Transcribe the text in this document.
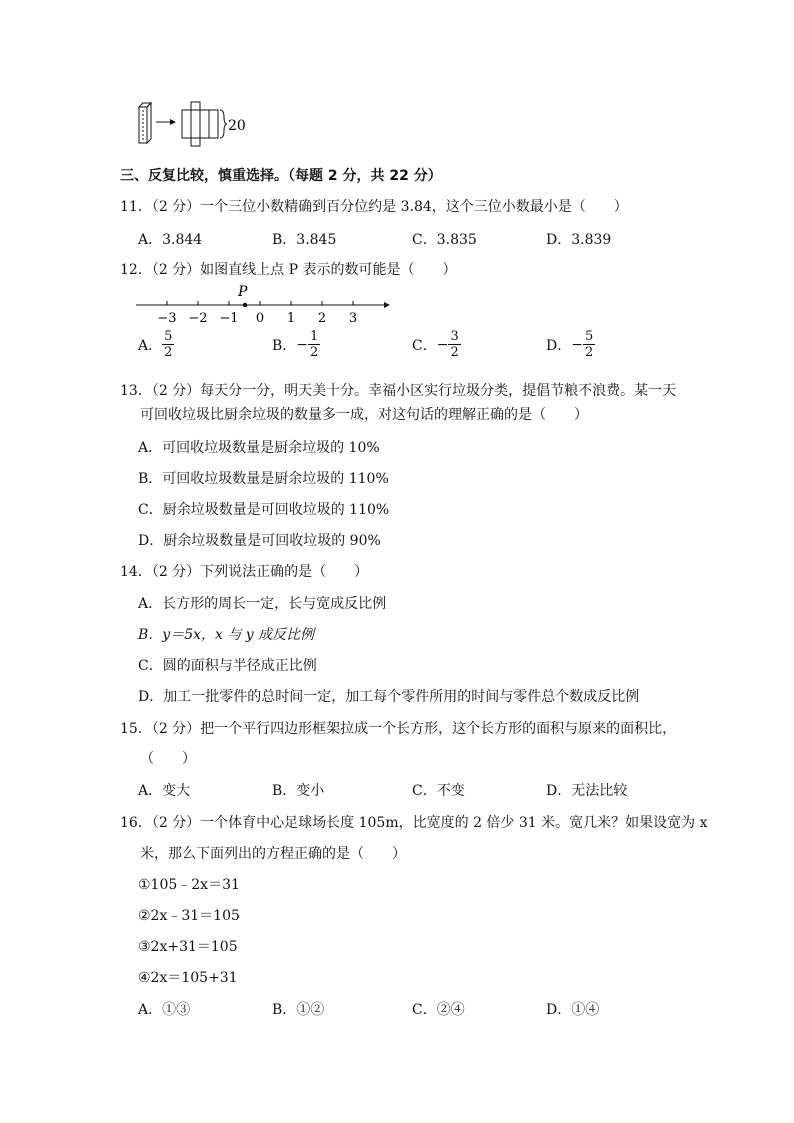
20
三、反复比较，慎重选择。（每题 2 分，共 22 分）
11．（2 分）一个三位小数精确到百分位约是 3.84，这个三位小数最小是（　　）
A．3.844	B．3.845	C．3.835	D．3.839
12．（2 分）如图直线上点 P 表示的数可能是（　　）
−3 −2 −1 0 1 2 3
P
A． $\frac{5}{2}$	B． − $\frac{1}{2}$	C． − $\frac{3}{2}$	D． − $\frac{5}{2}$
13．（2 分）每天分一分，明天美十分。幸福小区实行垃圾分类，提倡节粮不浪费。某一天
可回收垃圾比厨余垃圾的数量多一成，对这句话的理解正确的是（　　）
A．可回收垃圾数量是厨余垃圾的 10%
B．可回收垃圾数量是厨余垃圾的 110%
C．厨余垃圾数量是可回收垃圾的 110%
D．厨余垃圾数量是可回收垃圾的 90%
14．（2 分）下列说法正确的是（　　）
A．长方形的周长一定，长与宽成反比例
B．y＝5x，x 与 y 成反比例
C．圆的面积与半径成正比例
D．加工一批零件的总时间一定，加工每个零件所用的时间与零件总个数成反比例
15．（2 分）把一个平行四边形框架拉成一个长方形，这个长方形的面积与原来的面积比，
（　　）
A．变大	B．变小	C．不变	D．无法比较
16．（2 分）一个体育中心足球场长度 105m，比宽度的 2 倍少 31 米。宽几米？如果设宽为 x
米，那么下面列出的方程正确的是（　　）
①105﹣2x＝31
②2x﹣31＝105
③2x+31＝105
④2x＝105+31
A．①③	B．①②	C．②④	D．①④
